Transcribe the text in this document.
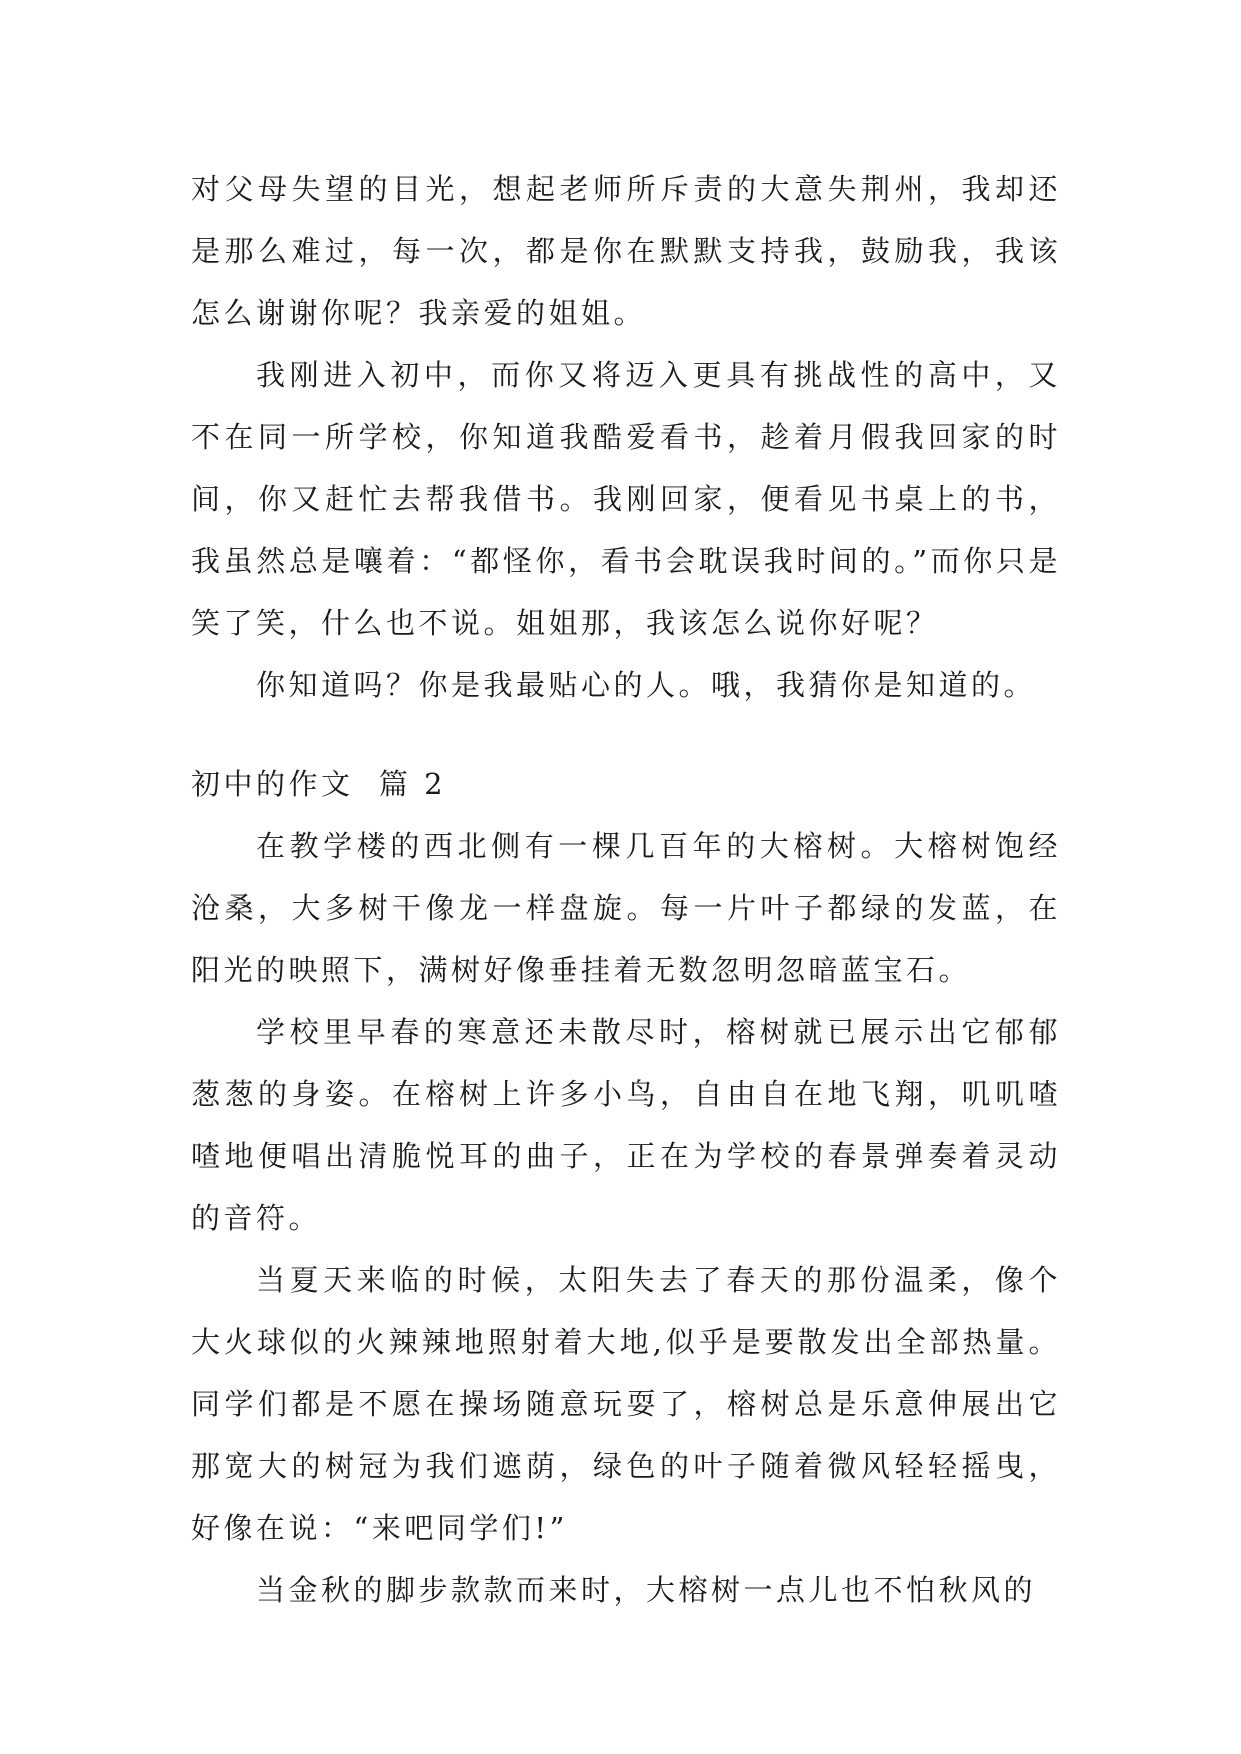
对父母失望的目光，想起老师所斥责的大意失荆州，我却还是那么难过，每一次，都是你在默默支持我，鼓励我，我该怎么谢谢你呢？我亲爱的姐姐。

我刚进入初中，而你又将迈入更具有挑战性的高中，又不在同一所学校，你知道我酷爱看书，趁着月假我回家的时间，你又赶忙去帮我借书。我刚回家，便看见书桌上的书，我虽然总是嚷着：“都怪你，看书会耽误我时间的。”而你只是笑了笑，什么也不说。姐姐那，我该怎么说你好呢？

你知道吗？你是我最贴心的人。哦，我猜你是知道的。

初中的作文  篇 2

在教学楼的西北侧有一棵几百年的大榕树。大榕树饱经沧桑，大多树干像龙一样盘旋。每一片叶子都绿的发蓝，在阳光的映照下，满树好像垂挂着无数忽明忽暗蓝宝石。

学校里早春的寒意还未散尽时，榕树就已展示出它郁郁葱葱的身姿。在榕树上许多小鸟，自由自在地飞翔，叽叽喳喳地便唱出清脆悦耳的曲子，正在为学校的春景弹奏着灵动的音符。

当夏天来临的时候，太阳失去了春天的那份温柔，像个大火球似的火辣辣地照射着大地,似乎是要散发出全部热量。同学们都是不愿在操场随意玩耍了，榕树总是乐意伸展出它那宽大的树冠为我们遮荫，绿色的叶子随着微风轻轻摇曳，好像在说：“来吧同学们!”

当金秋的脚步款款而来时，大榕树一点儿也不怕秋风的
